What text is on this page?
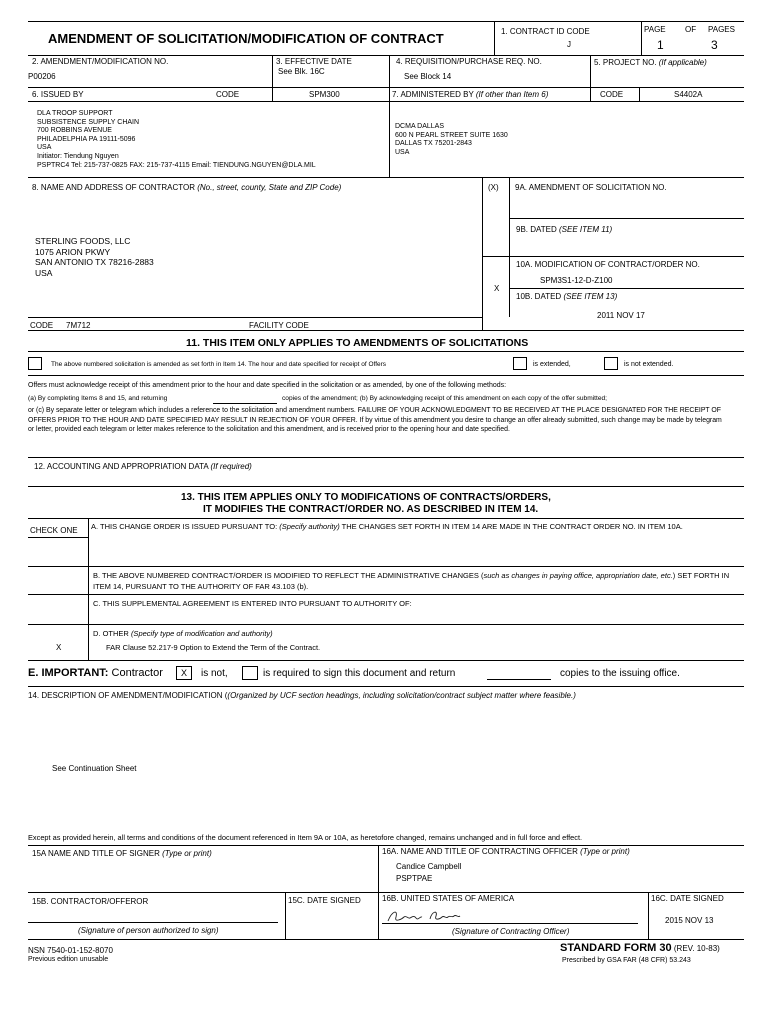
AMENDMENT OF SOLICITATION/MODIFICATION OF CONTRACT	1. CONTRACT ID CODE
J
PAGE OF PAGES
1	3
2. AMENDMENT/MODIFICATION NO.
P00206
3. EFFECTIVE DATE
See Blk. 16C
4. REQUISITION/PURCHASE REQ. NO.
See Block 14
5. PROJECT NO. (If applicable)
6. ISSUED BY	CODE	SPM300	7. ADMINISTERED BY (If other than Item 6)	CODE	S4402A
DLA TROOP SUPPORT
SUBSISTENCE SUPPLY CHAIN
700 ROBBINS AVENUE
PHILADELPHIA PA 19111-5096
USA
Initiator: Tiendung Nguyen
PSPTRC4 Tel: 215-737-0825 FAX: 215-737-4115 Email: TIENDUNG.NGUYEN@DLA.MIL
DCMA DALLAS
600 N PEARL STREET SUITE 1630
DALLAS TX 75201-2843
USA
8. NAME AND ADDRESS OF CONTRACTOR (No., street, county, State and ZIP Code)	(X) 9A. AMENDMENT OF SOLICITATION NO.
9B. DATED (SEE ITEM 11)
10A. MODIFICATION OF CONTRACT/ORDER NO.
SPM3S1-12-D-Z100
X
10B. DATED (SEE ITEM 13)
2011 NOV 17
STERLING FOODS, LLC
1075 ARION PKWY
SAN ANTONIO TX 78216-2883
USA
CODE 7M712	FACILITY CODE
11. THIS ITEM ONLY APPLIES TO AMENDMENTS OF SOLICITATIONS
The above numbered solicitation is amended as set forth in Item 14. The hour and date specified for receipt of Offers	is extended,	is not extended.
Offers must acknowledge receipt of this amendment prior to the hour and date specified in the solicitation or as amended, by one of the following methods:
(a) By completing Items 8 and 15, and returning	copies of the amendment; (b) By acknowledging receipt of this amendment on each copy of the offer submitted;
or (c) By separate letter or telegram which includes a reference to the solicitation and amendment numbers. FAILURE OF YOUR ACKNOWLEDGMENT TO BE RECEIVED AT THE PLACE DESIGNATED FOR THE RECEIPT OF OFFERS PRIOR TO THE HOUR AND DATE SPECIFIED MAY RESULT IN REJECTION OF YOUR OFFER. If by virtue of this amendment you desire to change an offer already submitted, such change may be made by telegram or letter, provided each telegram or letter makes reference to the solicitation and this amendment, and is received prior to the opening hour and date specified.
12. ACCOUNTING AND APPROPRIATION DATA (If required)
13. THIS ITEM APPLIES ONLY TO MODIFICATIONS OF CONTRACTS/ORDERS,
IT MODIFIES THE CONTRACT/ORDER NO. AS DESCRIBED IN ITEM 14.
CHECK ONE A. THIS CHANGE ORDER IS ISSUED PURSUANT TO: (Specify authority) THE CHANGES SET FORTH IN ITEM 14 ARE MADE IN THE CONTRACT ORDER NO. IN ITEM 10A.
B. THE ABOVE NUMBERED CONTRACT/ORDER IS MODIFIED TO REFLECT THE ADMINISTRATIVE CHANGES (such as changes in paying office, appropriation date, etc.) SET FORTH IN ITEM 14, PURSUANT TO THE AUTHORITY OF FAR 43.103 (b).
C. THIS SUPPLEMENTAL AGREEMENT IS ENTERED INTO PURSUANT TO AUTHORITY OF:
D. OTHER (Specify type of modification and authority)
FAR Clause 52.217-9 Option to Extend the Term of the Contract.
X
E. IMPORTANT: Contractor X is not,	is required to sign this document and return	copies to the issuing office.
14. DESCRIPTION OF AMENDMENT/MODIFICATION ((Organized by UCF section headings, including solicitation/contract subject matter where feasible.)
See Continuation Sheet
Except as provided herein, all terms and conditions of the document referenced in Item 9A or 10A, as heretofore changed, remains unchanged and in full force and effect.
15A NAME AND TITLE OF SIGNER (Type or print)	16A. NAME AND TITLE OF CONTRACTING OFFICER (Type or print)
Candice Campbell
PSPTPAE
15B. CONTRACTOR/OFFEROR	15C. DATE SIGNED	16B. UNITED STATES OF AMERICA	16C. DATE SIGNED
2015 NOV 13
(Signature of person authorized to sign)	(Signature of Contracting Officer)
NSN 7540-01-152-8070
Previous edition unusable
STANDARD FORM 30 (REV. 10-83)
Prescribed by GSA FAR (48 CFR) 53.243
